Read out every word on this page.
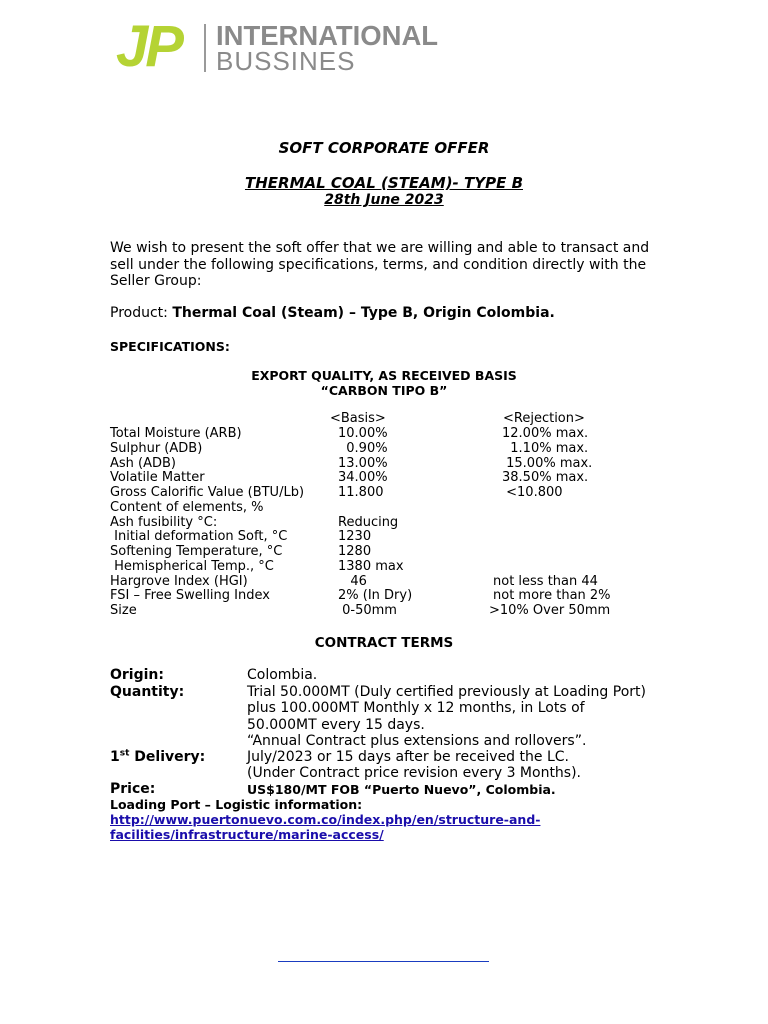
JP INTERNATIONAL
BUSSINES
SOFT CORPORATE OFFER
THERMAL COAL (STEAM)- TYPE B
28th June 2023
We wish to present the soft offer that we are willing and able to transact and sell under the following specifications, terms, and condition directly with the Seller Group:
Product: Thermal Coal (Steam) – Type B, Origin Colombia.
SPECIFICATIONS:
EXPORT QUALITY, AS RECEIVED BASIS
“CARBON TIPO B”
<Basis>	<Rejection>
Total Moisture (ARB)	10.00%	12.00% max.
Sulphur (ADB)	0.90%	1.10% max.
Ash (ADB)	13.00%	15.00% max.
Volatile Matter	34.00%	38.50% max.
Gross Calorific Value (BTU/Lb)	11.800	<10.800
Content of elements, %
Ash fusibility °C:	Reducing
Initial deformation Soft, °C	1230
Softening Temperature, °C	1280
Hemispherical Temp., °C	1380 max
Hargrove Index (HGI)	46	not less than 44
FSI – Free Swelling Index	2% (In Dry)	not more than 2%
Size	0-50mm	>10% Over 50mm
CONTRACT TERMS
Origin:	Colombia.
Quantity:	Trial 50.000MT (Duly certified previously at Loading Port)
plus 100.000MT Monthly x 12 months, in Lots of
50.000MT every 15 days.
“Annual Contract plus extensions and rollovers”.
1st Delivery:	July/2023 or 15 days after be received the LC.
(Under Contract price revision every 3 Months).
Price:	US$180/MT FOB “Puerto Nuevo”, Colombia.
Loading Port – Logistic information:
http://www.puertonuevo.com.co/index.php/en/structure-and-
facilities/infrastructure/marine-access/
